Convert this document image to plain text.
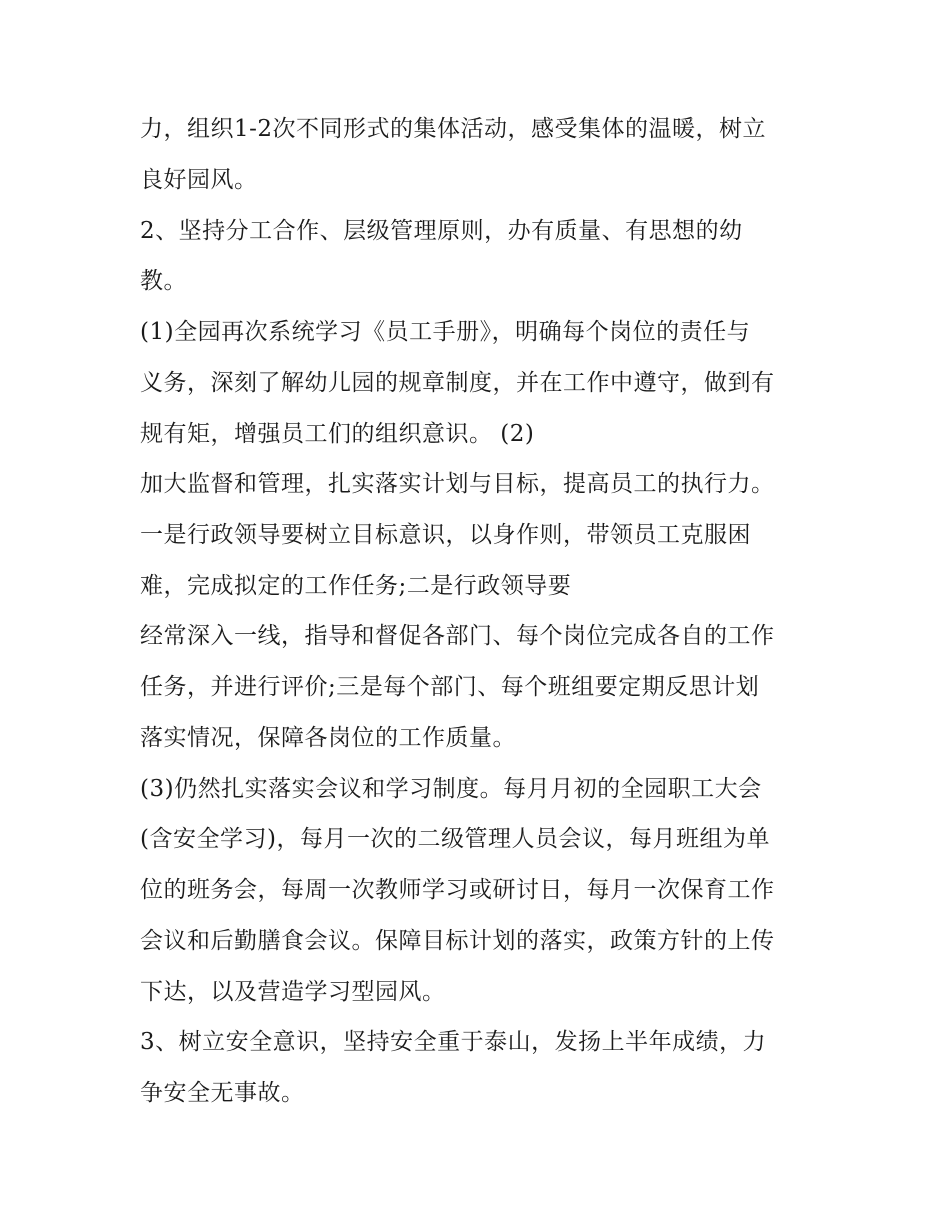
力，组织1-2次不同形式的集体活动，感受集体的温暖，树立
良好园风。
2、坚持分工合作、层级管理原则，办有质量、有思想的幼
教。
(1)全园再次系统学习《员工手册》，明确每个岗位的责任与
义务，深刻了解幼儿园的规章制度，并在工作中遵守，做到有
规有矩，增强员工们的组织意识。 (2)
加大监督和管理，扎实落实计划与目标，提高员工的执行力。
一是行政领导要树立目标意识，以身作则，带领员工克服困
难，完成拟定的工作任务;二是行政领导要
经常深入一线，指导和督促各部门、每个岗位完成各自的工作
任务，并进行评价;三是每个部门、每个班组要定期反思计划
落实情况，保障各岗位的工作质量。
(3)仍然扎实落实会议和学习制度。每月月初的全园职工大会
(含安全学习)，每月一次的二级管理人员会议，每月班组为单
位的班务会，每周一次教师学习或研讨日，每月一次保育工作
会议和后勤膳食会议。保障目标计划的落实，政策方针的上传
下达，以及营造学习型园风。
3、树立安全意识，坚持安全重于泰山，发扬上半年成绩，力
争安全无事故。
